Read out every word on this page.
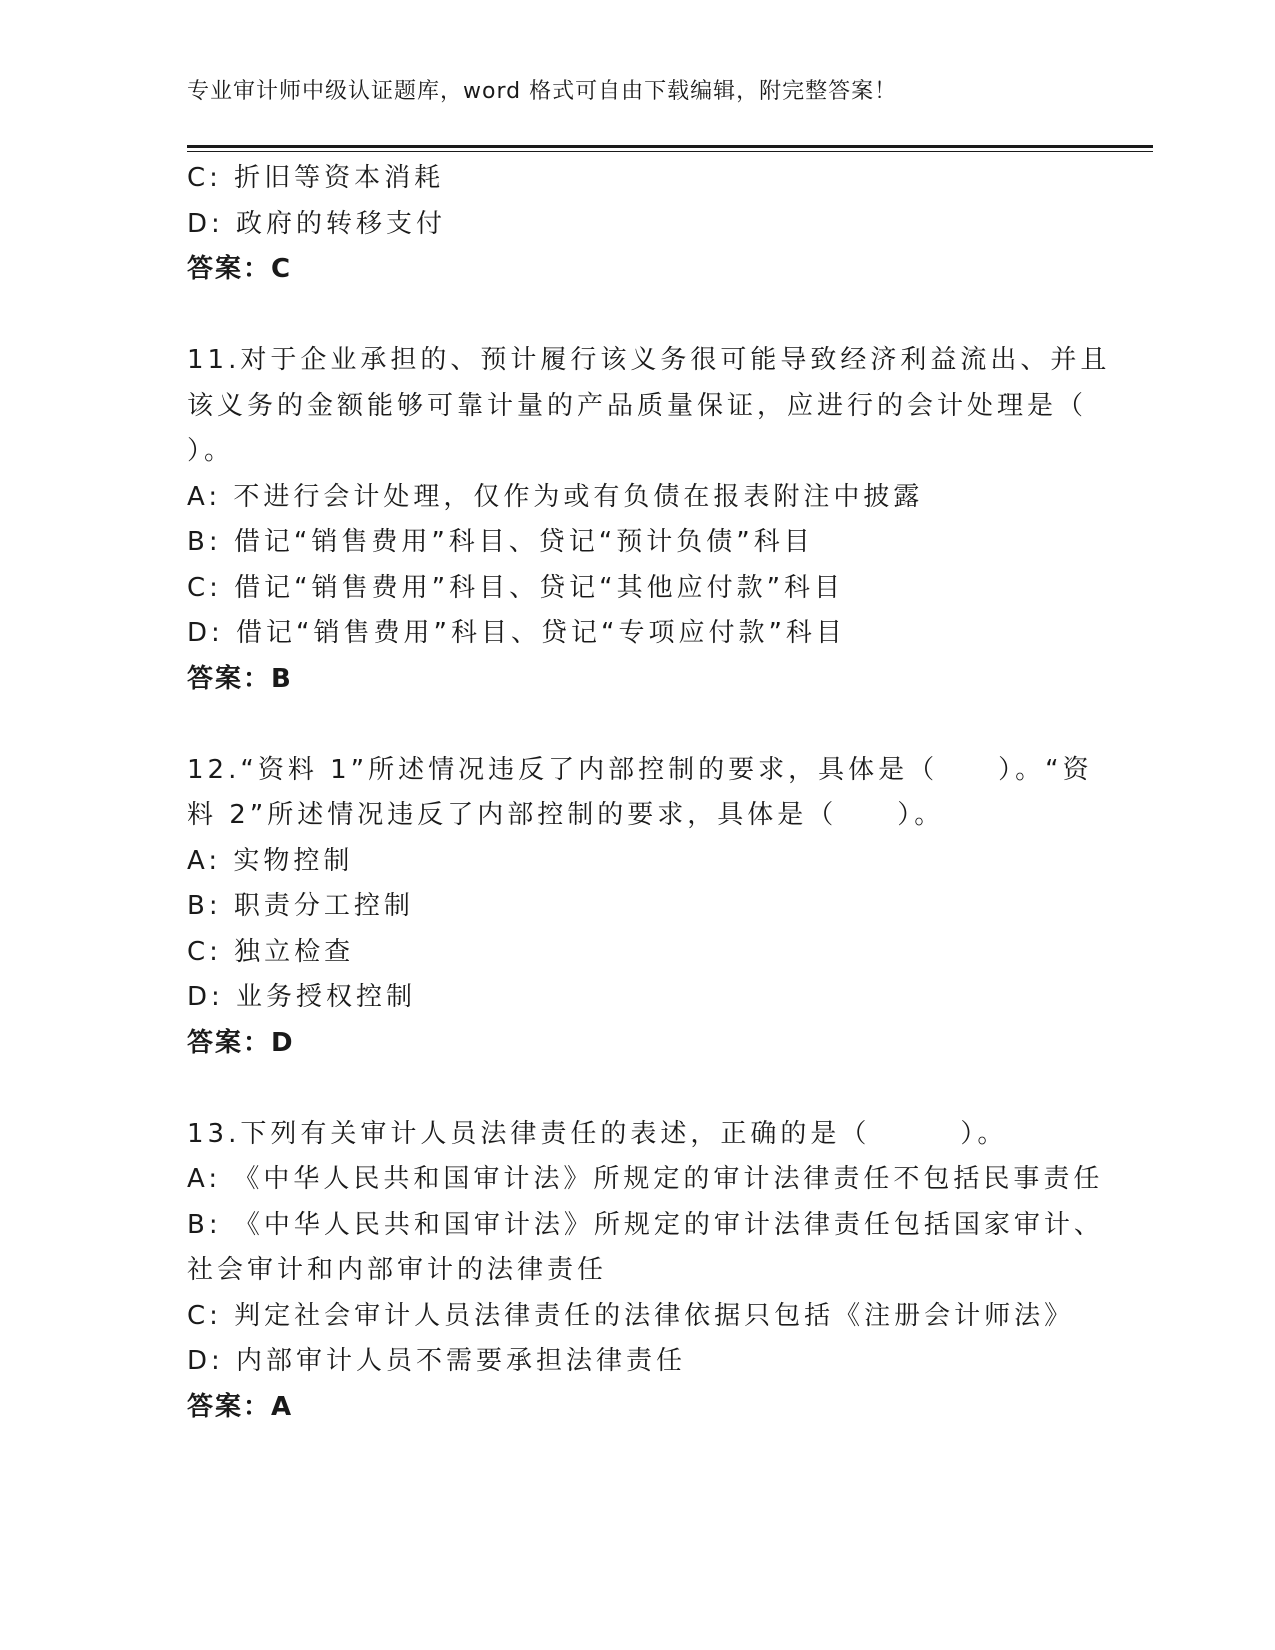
专业审计师中级认证题库，word 格式可自由下载编辑，附完整答案！
C: 折旧等资本消耗
D: 政府的转移支付
答案：C
11.对于企业承担的、预计履行该义务很可能导致经济利益流出、并且
该义务的金额能够可靠计量的产品质量保证，应进行的会计处理是（
）。
A: 不进行会计处理，仅作为或有负债在报表附注中披露
B: 借记“销售费用”科目、贷记“预计负债”科目
C: 借记“销售费用”科目、贷记“其他应付款”科目
D: 借记“销售费用”科目、贷记“专项应付款”科目
答案：B
12.“资料 1”所述情况违反了内部控制的要求，具体是（　　）。“资
料 2”所述情况违反了内部控制的要求，具体是（　　）。
A: 实物控制
B: 职责分工控制
C: 独立检查
D: 业务授权控制
答案：D
13.下列有关审计人员法律责任的表述，正确的是（　　　）。
A: 《中华人民共和国审计法》所规定的审计法律责任不包括民事责任
B: 《中华人民共和国审计法》所规定的审计法律责任包括国家审计、
社会审计和内部审计的法律责任
C: 判定社会审计人员法律责任的法律依据只包括《注册会计师法》
D: 内部审计人员不需要承担法律责任
答案：A
